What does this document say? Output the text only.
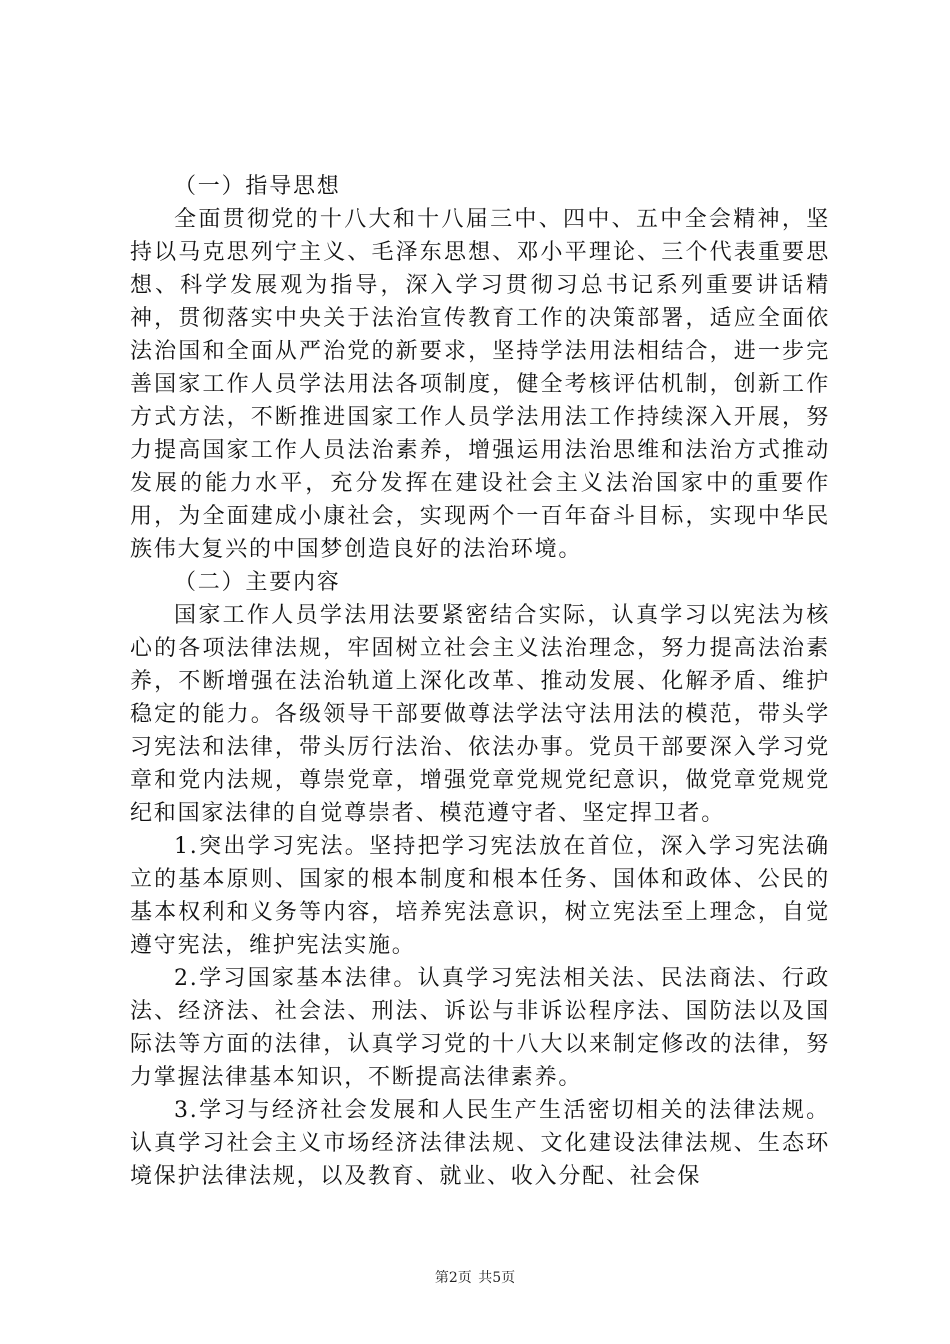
（一）指导思想

全面贯彻党的十八大和十八届三中、四中、五中全会精神，坚持以马克思列宁主义、毛泽东思想、邓小平理论、三个代表重要思想、科学发展观为指导，深入学习贯彻习总书记系列重要讲话精神，贯彻落实中央关于法治宣传教育工作的决策部署，适应全面依法治国和全面从严治党的新要求，坚持学法用法相结合，进一步完善国家工作人员学法用法各项制度，健全考核评估机制，创新工作方式方法，不断推进国家工作人员学法用法工作持续深入开展，努力提高国家工作人员法治素养，增强运用法治思维和法治方式推动发展的能力水平，充分发挥在建设社会主义法治国家中的重要作用，为全面建成小康社会，实现两个一百年奋斗目标，实现中华民族伟大复兴的中国梦创造良好的法治环境。

（二）主要内容

国家工作人员学法用法要紧密结合实际，认真学习以宪法为核心的各项法律法规，牢固树立社会主义法治理念，努力提高法治素养，不断增强在法治轨道上深化改革、推动发展、化解矛盾、维护稳定的能力。各级领导干部要做尊法学法守法用法的模范，带头学习宪法和法律，带头厉行法治、依法办事。党员干部要深入学习党章和党内法规，尊崇党章，增强党章党规党纪意识，做党章党规党纪和国家法律的自觉尊崇者、模范遵守者、坚定捍卫者。

1.突出学习宪法。坚持把学习宪法放在首位，深入学习宪法确立的基本原则、国家的根本制度和根本任务、国体和政体、公民的基本权利和义务等内容，培养宪法意识，树立宪法至上理念，自觉遵守宪法，维护宪法实施。

2.学习国家基本法律。认真学习宪法相关法、民法商法、行政法、经济法、社会法、刑法、诉讼与非诉讼程序法、国防法以及国际法等方面的法律，认真学习党的十八大以来制定修改的法律，努力掌握法律基本知识，不断提高法律素养。

3.学习与经济社会发展和人民生产生活密切相关的法律法规。认真学习社会主义市场经济法律法规、文化建设法律法规、生态环境保护法律法规，以及教育、就业、收入分配、社会保

第2页 共5页
